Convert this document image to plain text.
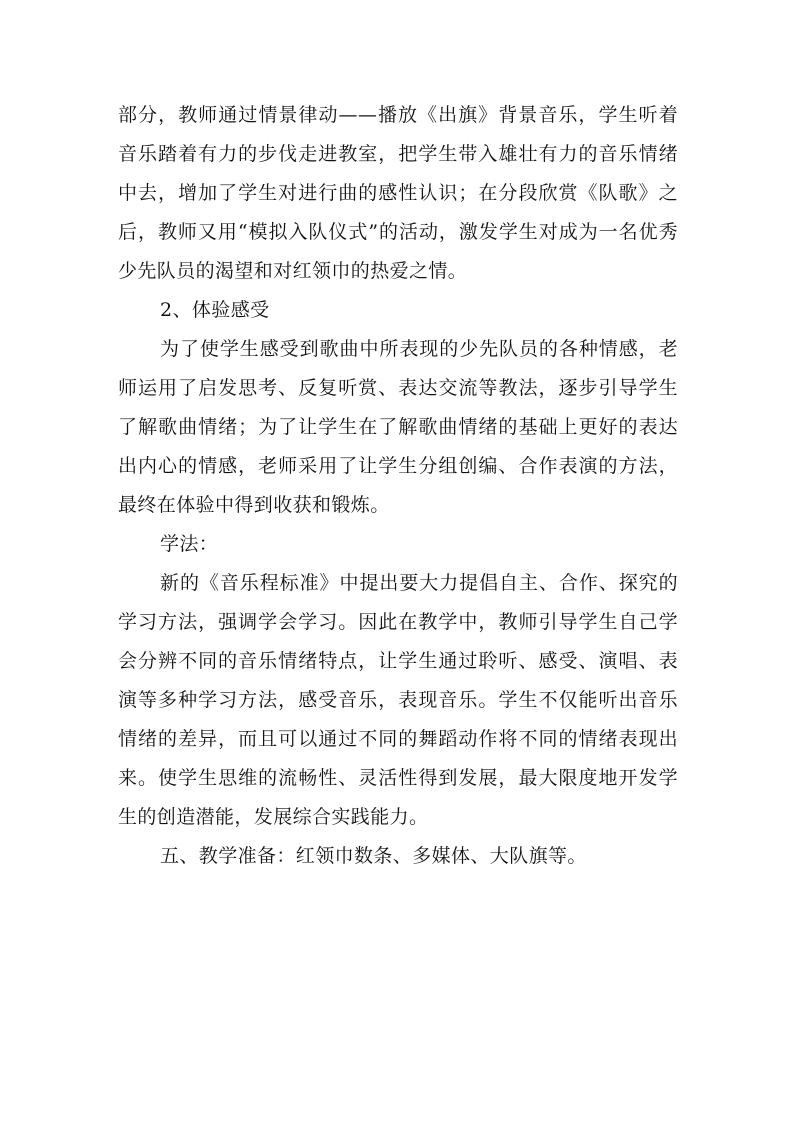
部分，教师通过情景律动——播放《出旗》背景音乐，学生听着音乐踏着有力的步伐走进教室，把学生带入雄壮有力的音乐情绪中去，增加了学生对进行曲的感性认识；在分段欣赏《队歌》之后，教师又用“模拟入队仪式”的活动，激发学生对成为一名优秀少先队员的渴望和对红领巾的热爱之情。

2、体验感受

为了使学生感受到歌曲中所表现的少先队员的各种情感，老师运用了启发思考、反复听赏、表达交流等教法，逐步引导学生了解歌曲情绪；为了让学生在了解歌曲情绪的基础上更好的表达出内心的情感，老师采用了让学生分组创编、合作表演的方法，最终在体验中得到收获和锻炼。

学法：

新的《音乐程标准》中提出要大力提倡自主、合作、探究的学习方法，强调学会学习。因此在教学中，教师引导学生自己学会分辨不同的音乐情绪特点，让学生通过聆听、感受、演唱、表演等多种学习方法，感受音乐，表现音乐。学生不仅能听出音乐情绪的差异，而且可以通过不同的舞蹈动作将不同的情绪表现出来。使学生思维的流畅性、灵活性得到发展，最大限度地开发学生的创造潜能，发展综合实践能力。

五、教学准备：红领巾数条、多媒体、大队旗等。
